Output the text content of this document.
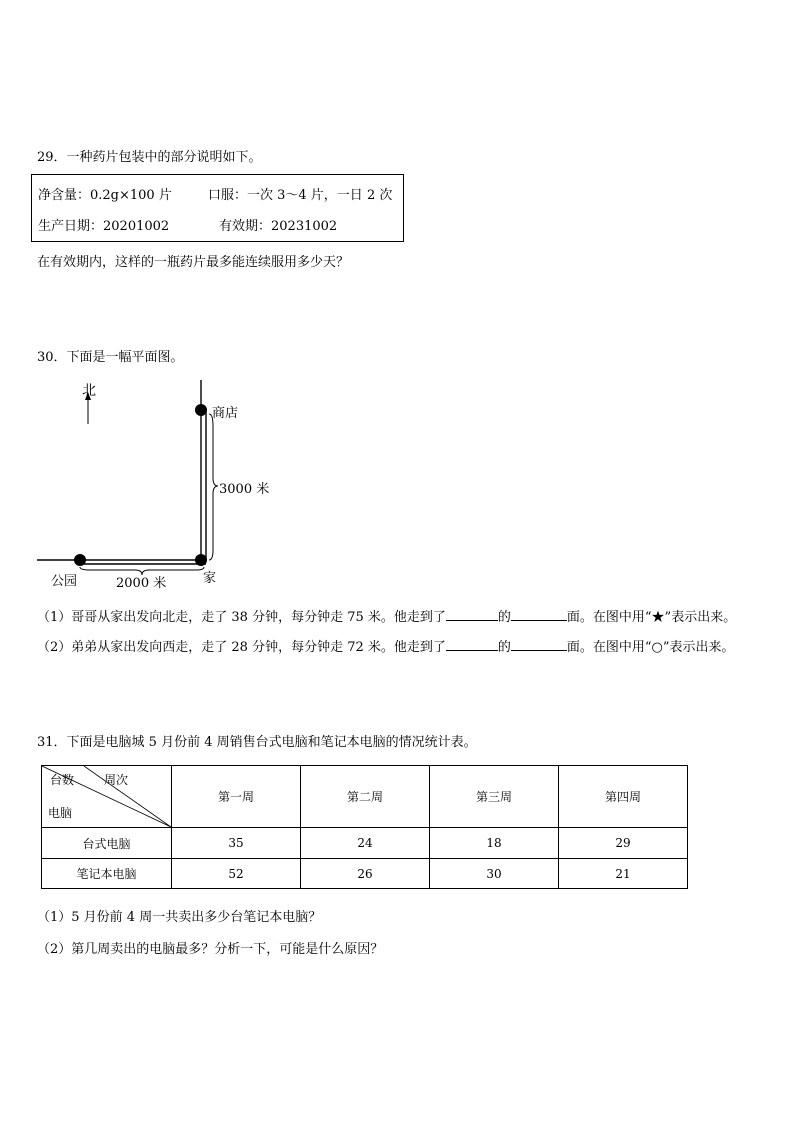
29．一种药片包装中的部分说明如下。
净含量：0.2g×100 片	口服：一次 3～4 片，一日 2 次
生产日期：20201002	有效期：20231002
在有效期内，这样的一瓶药片最多能连续服用多少天？
30．下面是一幅平面图。
北
商店
3000 米
公园	家
2000 米
（1）哥哥从家出发向北走，走了 38 分钟，每分钟走 75 米。他走到了	的	面。在图中用“★”表示出来。
（2）弟弟从家出发向西走，走了 28 分钟，每分钟走 72 米。他走到了	的	面。在图中用“○”表示出来。
31．下面是电脑城 5 月份前 4 周销售台式电脑和笔记本电脑的情况统计表。
台数 周次
电脑	第一周	第二周	第三周	第四周
台式电脑	35	24	18	29
笔记本电脑	52	26	30	21
（1）5 月份前 4 周一共卖出多少台笔记本电脑？
（2）第几周卖出的电脑最多？分析一下，可能是什么原因？
